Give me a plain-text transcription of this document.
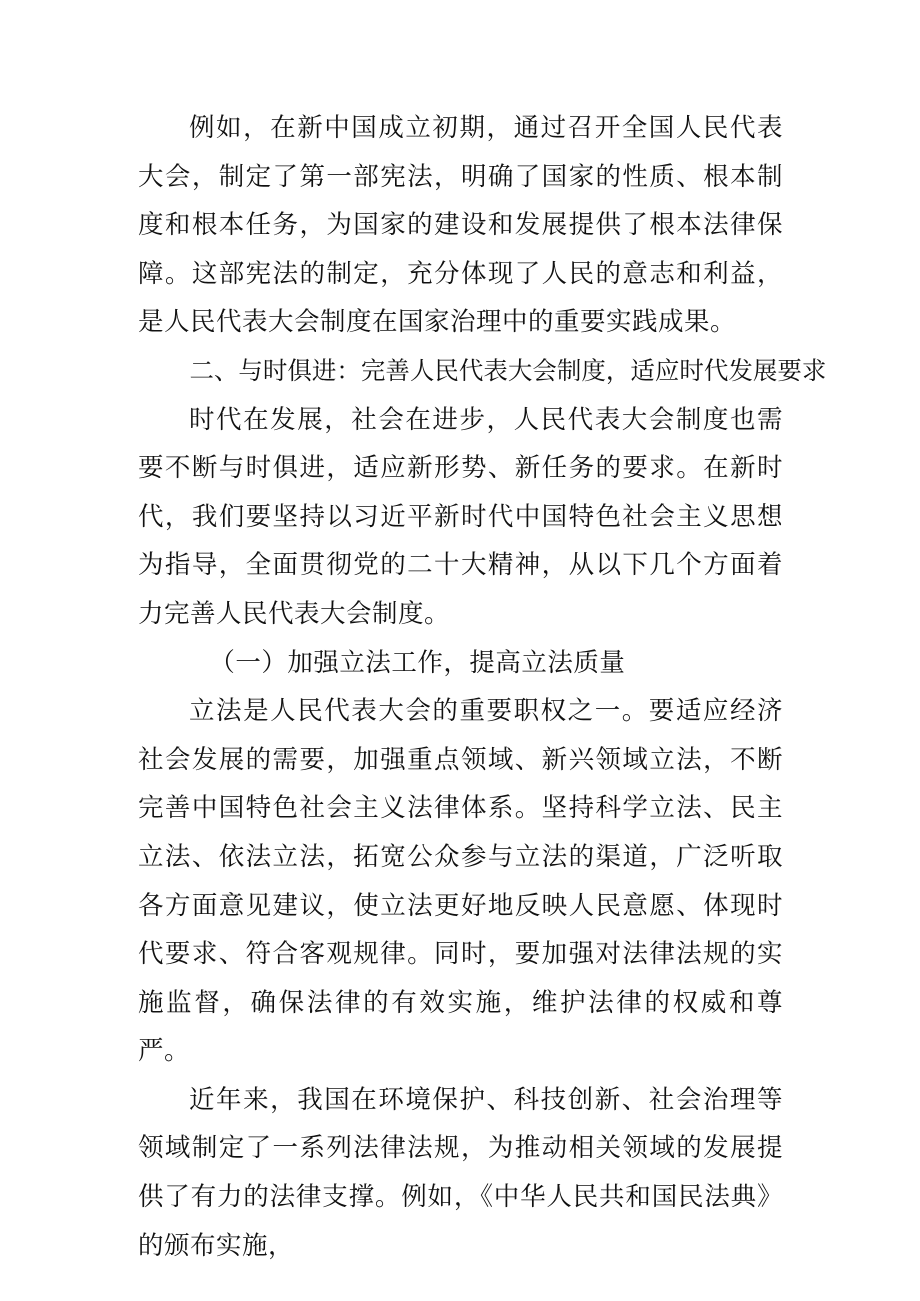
例如，在新中国成立初期，通过召开全国人民代表大会，制定了第一部宪法，明确了国家的性质、根本制度和根本任务，为国家的建设和发展提供了根本法律保障。这部宪法的制定，充分体现了人民的意志和利益，是人民代表大会制度在国家治理中的重要实践成果。

二、与时俱进：完善人民代表大会制度，适应时代发展要求

时代在发展，社会在进步，人民代表大会制度也需要不断与时俱进，适应新形势、新任务的要求。在新时代，我们要坚持以习近平新时代中国特色社会主义思想为指导，全面贯彻党的二十大精神，从以下几个方面着力完善人民代表大会制度。

（一）加强立法工作，提高立法质量

立法是人民代表大会的重要职权之一。要适应经济社会发展的需要，加强重点领域、新兴领域立法，不断完善中国特色社会主义法律体系。坚持科学立法、民主立法、依法立法，拓宽公众参与立法的渠道，广泛听取各方面意见建议，使立法更好地反映人民意愿、体现时代要求、符合客观规律。同时，要加强对法律法规的实施监督，确保法律的有效实施，维护法律的权威和尊严。

近年来，我国在环境保护、科技创新、社会治理等领域制定了一系列法律法规，为推动相关领域的发展提供了有力的法律支撑。例如，《中华人民共和国民法典》的颁布实施，
